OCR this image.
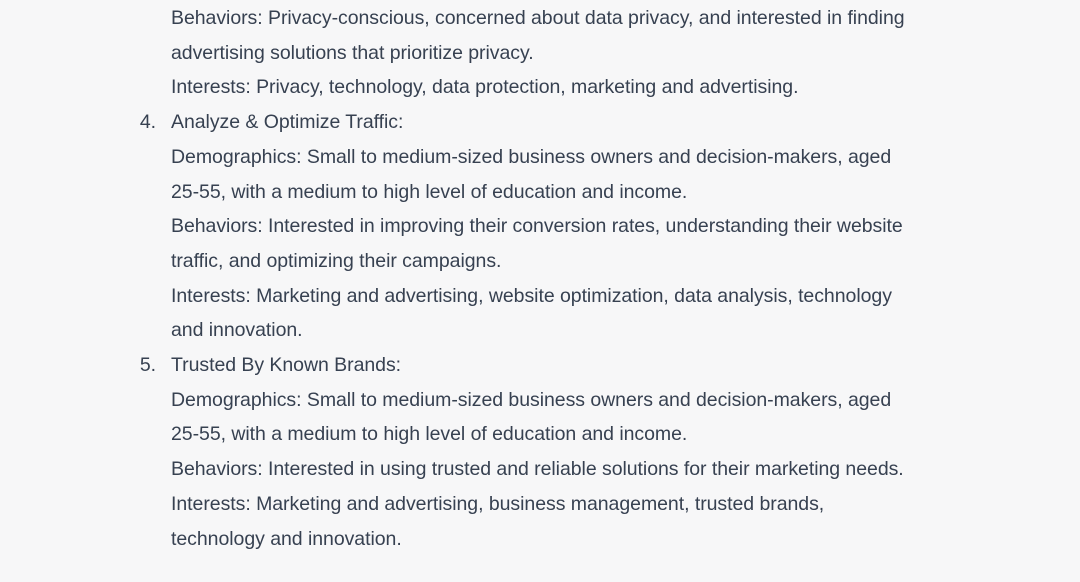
Behaviors: Privacy-conscious, concerned about data privacy, and interested in finding
advertising solutions that prioritize privacy.
Interests: Privacy, technology, data protection, marketing and advertising.
4. Analyze & Optimize Traffic:
Demographics: Small to medium-sized business owners and decision-makers, aged
25-55, with a medium to high level of education and income.
Behaviors: Interested in improving their conversion rates, understanding their website
traffic, and optimizing their campaigns.
Interests: Marketing and advertising, website optimization, data analysis, technology
and innovation.
5. Trusted By Known Brands:
Demographics: Small to medium-sized business owners and decision-makers, aged
25-55, with a medium to high level of education and income.
Behaviors: Interested in using trusted and reliable solutions for their marketing needs.
Interests: Marketing and advertising, business management, trusted brands,
technology and innovation.
